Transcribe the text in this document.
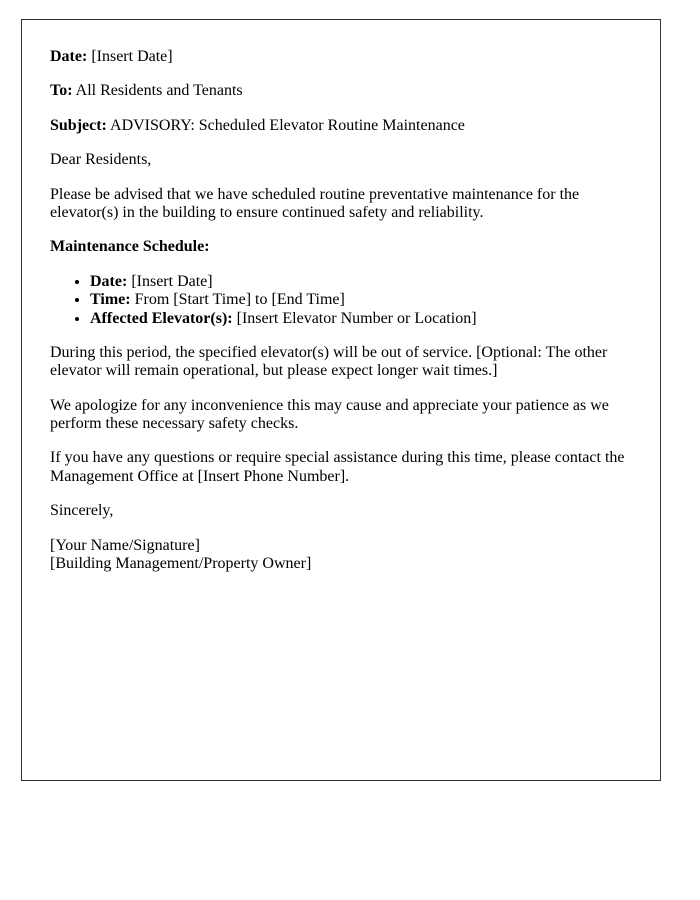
Date: [Insert Date]

To: All Residents and Tenants

Subject: ADVISORY: Scheduled Elevator Routine Maintenance

Dear Residents,

Please be advised that we have scheduled routine preventative maintenance for the elevator(s) in the building to ensure continued safety and reliability.

Maintenance Schedule:

• Date: [Insert Date]
• Time: From [Start Time] to [End Time]
• Affected Elevator(s): [Insert Elevator Number or Location]

During this period, the specified elevator(s) will be out of service. [Optional: The other elevator will remain operational, but please expect longer wait times.]

We apologize for any inconvenience this may cause and appreciate your patience as we perform these necessary safety checks.

If you have any questions or require special assistance during this time, please contact the Management Office at [Insert Phone Number].

Sincerely,

[Your Name/Signature]
[Building Management/Property Owner]
